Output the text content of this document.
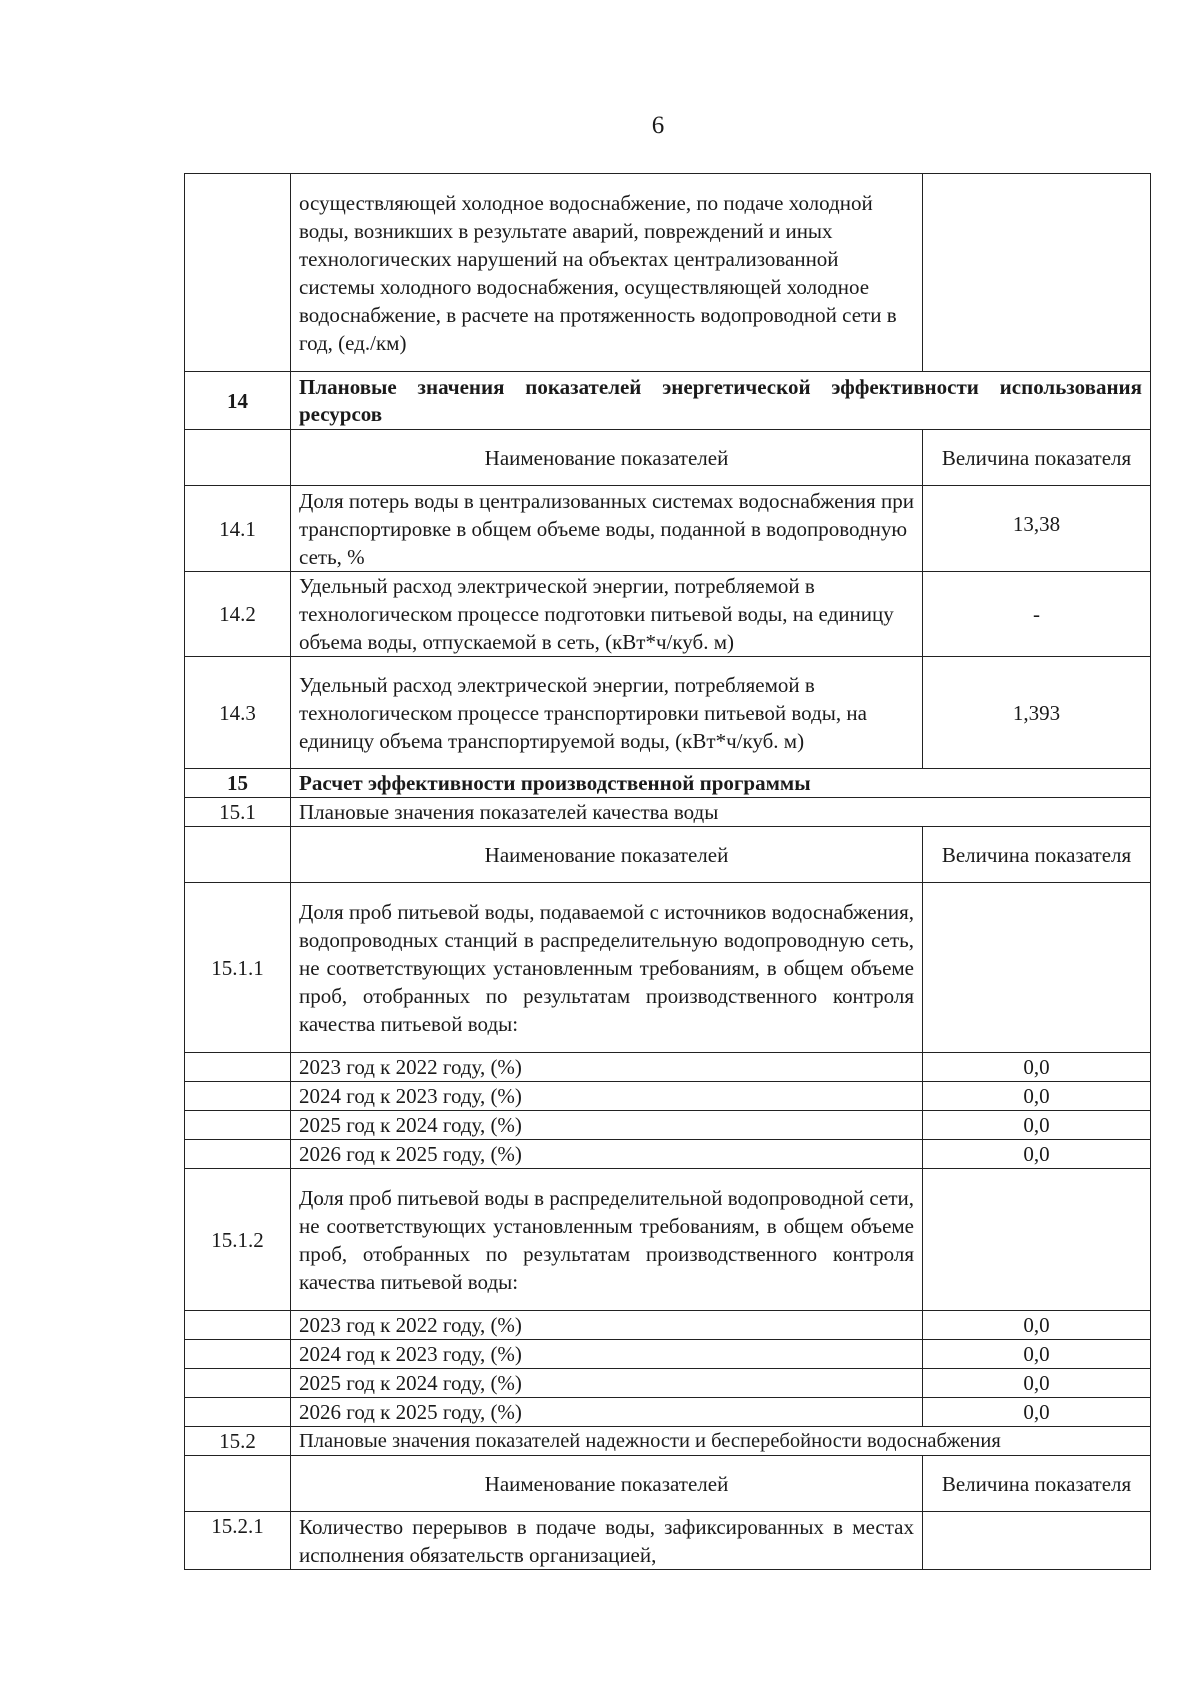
6
	осуществляющей холодное водоснабжение, по подаче холодной воды, возникших в результате аварий, повреждений и иных технологических нарушений на объектах централизованной системы холодного водоснабжения, осуществляющей холодное водоснабжение, в расчете на протяженность водопроводной сети в год, (ед./км)	
14	Плановые значения показателей энергетической эффективности использования ресурсов	
	Наименование показателей	Величина показателя
14.1	Доля потерь воды в централизованных системах водоснабжения при транспортировке в общем объеме воды, поданной в водопроводную сеть, %	13,38
14.2	Удельный расход электрической энергии, потребляемой в технологическом процессе подготовки питьевой воды, на единицу объема воды, отпускаемой в сеть, (кВт*ч/куб. м)	-
14.3	Удельный расход электрической энергии, потребляемой в технологическом процессе транспортировки питьевой воды, на единицу объема транспортируемой воды, (кВт*ч/куб. м)	1,393
15	Расчет эффективности производственной программы	
15.1	Плановые значения показателей качества воды	
	Наименование показателей	Величина показателя
15.1.1	Доля проб питьевой воды, подаваемой с источников водоснабжения, водопроводных станций в распределительную водопроводную сеть, не соответствующих установленным требованиям, в общем объеме проб, отобранных по результатам производственного контроля качества питьевой воды:	
	2023 год к 2022 году, (%)	0,0
	2024 год к 2023 году, (%)	0,0
	2025 год к 2024 году, (%)	0,0
	2026 год к 2025 году, (%)	0,0
15.1.2	Доля проб питьевой воды в распределительной водопроводной сети, не соответствующих установленным требованиям, в общем объеме проб, отобранных по результатам производственного контроля качества питьевой воды:	
	2023 год к 2022 году, (%)	0,0
	2024 год к 2023 году, (%)	0,0
	2025 год к 2024 году, (%)	0,0
	2026 год к 2025 году, (%)	0,0
15.2	Плановые значения показателей надежности и бесперебойности водоснабжения	
	Наименование показателей	Величина показателя
15.2.1	Количество перерывов в подаче воды, зафиксированных в местах исполнения обязательств организацией,	
